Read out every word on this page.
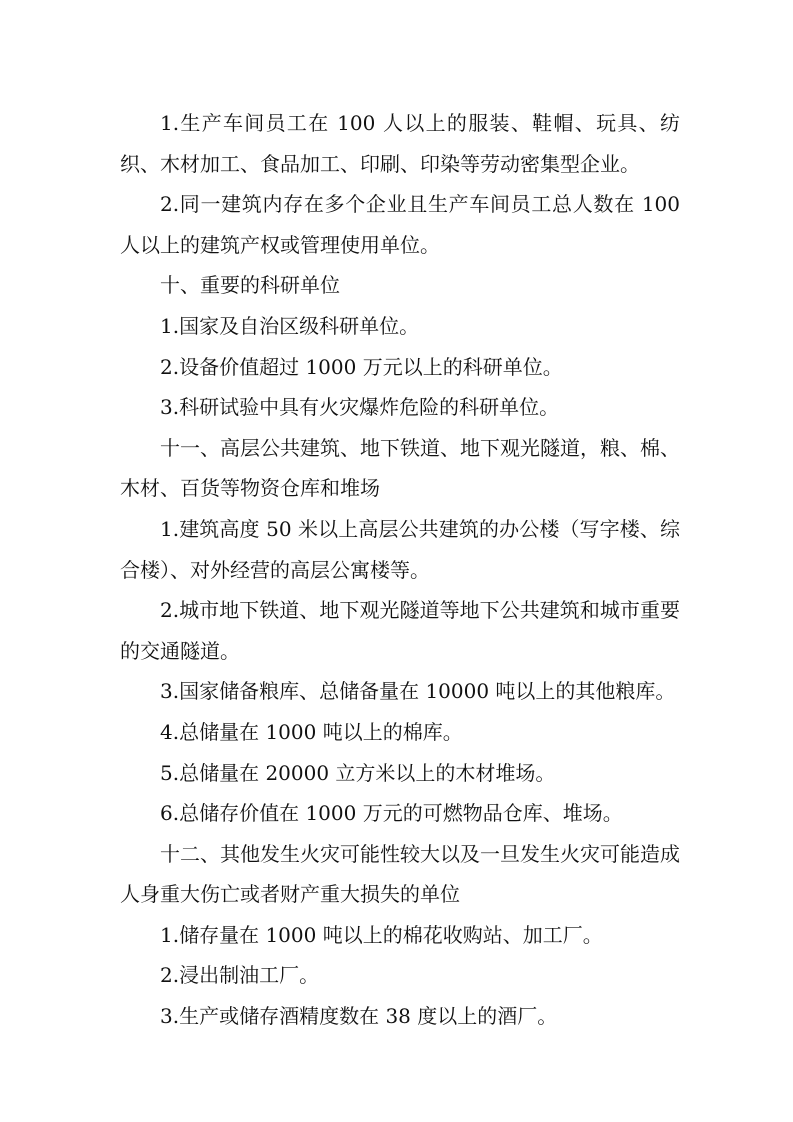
1.生产车间员工在 100 人以上的服装、鞋帽、玩具、纺织、木材加工、食品加工、印刷、印染等劳动密集型企业。

2.同一建筑内存在多个企业且生产车间员工总人数在 100 人以上的建筑产权或管理使用单位。

十、重要的科研单位

1.国家及自治区级科研单位。

2.设备价值超过 1000 万元以上的科研单位。

3.科研试验中具有火灾爆炸危险的科研单位。

十一、高层公共建筑、地下铁道、地下观光隧道，粮、棉、木材、百货等物资仓库和堆场

1.建筑高度 50 米以上高层公共建筑的办公楼（写字楼、综合楼）、对外经营的高层公寓楼等。

2.城市地下铁道、地下观光隧道等地下公共建筑和城市重要的交通隧道。

3.国家储备粮库、总储备量在 10000 吨以上的其他粮库。

4.总储量在 1000 吨以上的棉库。

5.总储量在 20000 立方米以上的木材堆场。

6.总储存价值在 1000 万元的可燃物品仓库、堆场。

十二、其他发生火灾可能性较大以及一旦发生火灾可能造成人身重大伤亡或者财产重大损失的单位

1.储存量在 1000 吨以上的棉花收购站、加工厂。

2.浸出制油工厂。

3.生产或储存酒精度数在 38 度以上的酒厂。
